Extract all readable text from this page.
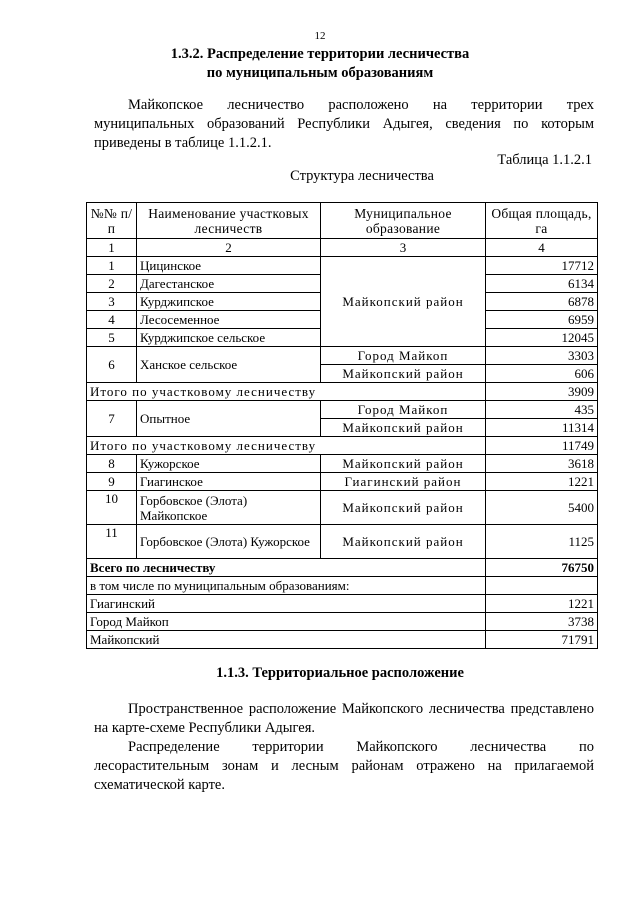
12
1.3.2. Распределение территории лесничества
по муниципальным образованиям
Майкопское лесничество расположено на территории трех муниципальных образований Республики Адыгея, сведения по которым приведены в таблице 1.1.2.1.
Таблица 1.1.2.1
Структура лесничества
№№ п/п	Наименование участковых лесничеств	Муниципальное образование	Общая площадь, га
1	2	3	4
1	Цицинское	Майкопский район	17712
2	Дагестанское		6134
3	Курджипское		6878
4	Лесосеменное		6959
5	Курджипское сельское		12045
6	Ханское сельское	Город Майкоп	3303
		Майкопский район	606
Итого по участковому лесничеству			3909
7	Опытное	Город Майкоп	435
		Майкопский район	11314
Итого по участковому лесничеству			11749
8	Кужорское	Майкопский район	3618
9	Гиагинское	Гиагинский район	1221
10	Горбовское (Элота) Майкопское	Майкопский район	5400
11	Горбовское (Элота) Кужорское	Майкопский район	1125
Всего по лесничеству			76750
в том числе по муниципальным образованиям:			
Гиагинский			1221
Город Майкоп			3738
Майкопский			71791
1.1.3. Территориальное расположение
Пространственное расположение Майкопского лесничества представлено на карте-схеме Республики Адыгея.
Распределение территории Майкопского лесничества по лесорастительным зонам и лесным районам отражено на прилагаемой схематической карте.
